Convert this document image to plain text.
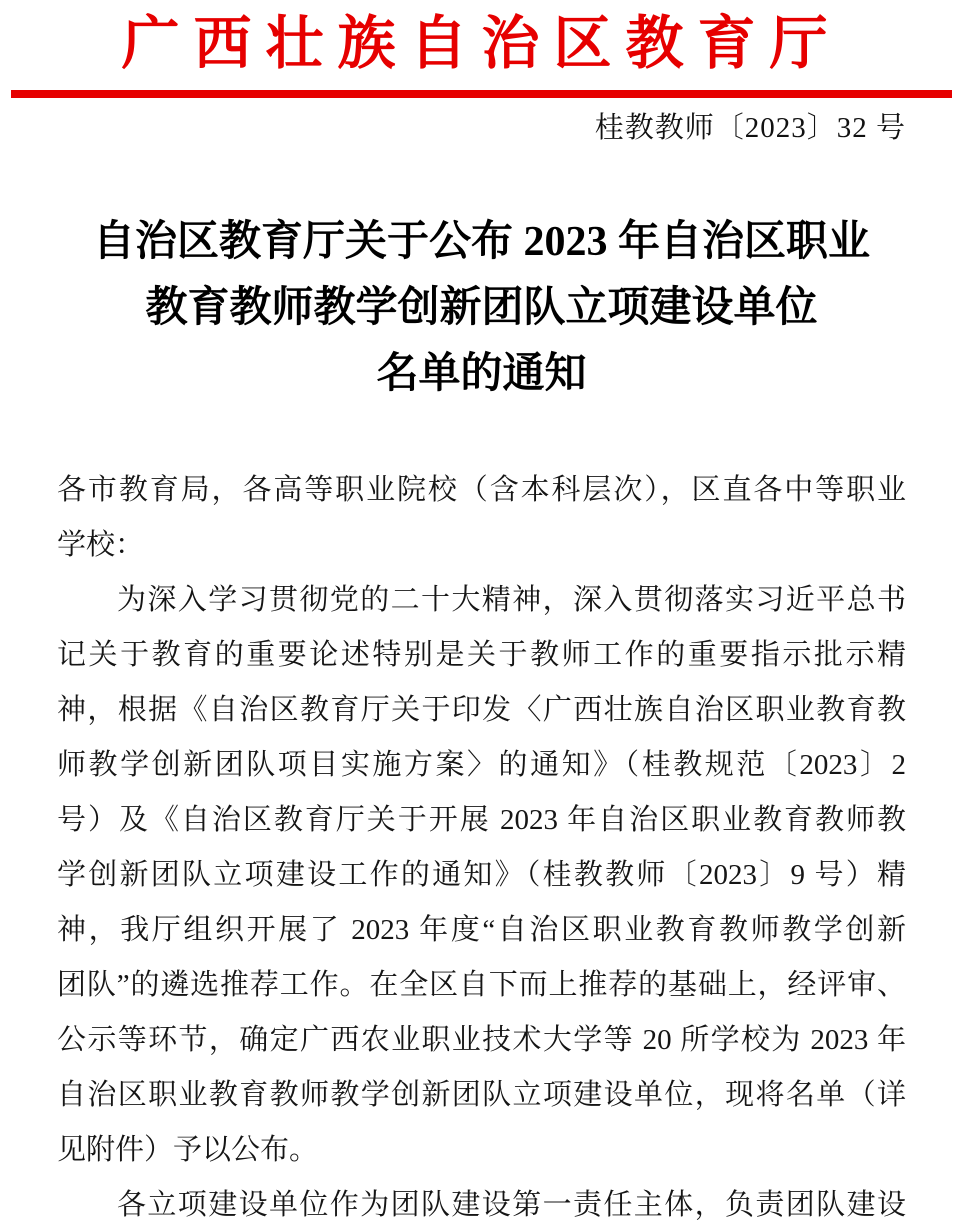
广西壮族自治区教育厅
桂教教师〔2023〕32 号
自治区教育厅关于公布 2023 年自治区职业
教育教师教学创新团队立项建设单位
名单的通知
各市教育局，各高等职业院校（含本科层次），区直各中等职业
学校：
为深入学习贯彻党的二十大精神，深入贯彻落实习近平总书
记关于教育的重要论述特别是关于教师工作的重要指示批示精
神，根据《自治区教育厅关于印发〈广西壮族自治区职业教育教
师教学创新团队项目实施方案〉的通知》（桂教规范〔2023〕2
号）及《自治区教育厅关于开展 2023 年自治区职业教育教师教
学创新团队立项建设工作的通知》（桂教教师〔2023〕9 号）精
神，我厅组织开展了 2023 年度“自治区职业教育教师教学创新
团队”的遴选推荐工作。在全区自下而上推荐的基础上，经评审、
公示等环节，确定广西农业职业技术大学等 20 所学校为 2023 年
自治区职业教育教师教学创新团队立项建设单位，现将名单（详
见附件）予以公布。
各立项建设单位作为团队建设第一责任主体，负责团队建设
